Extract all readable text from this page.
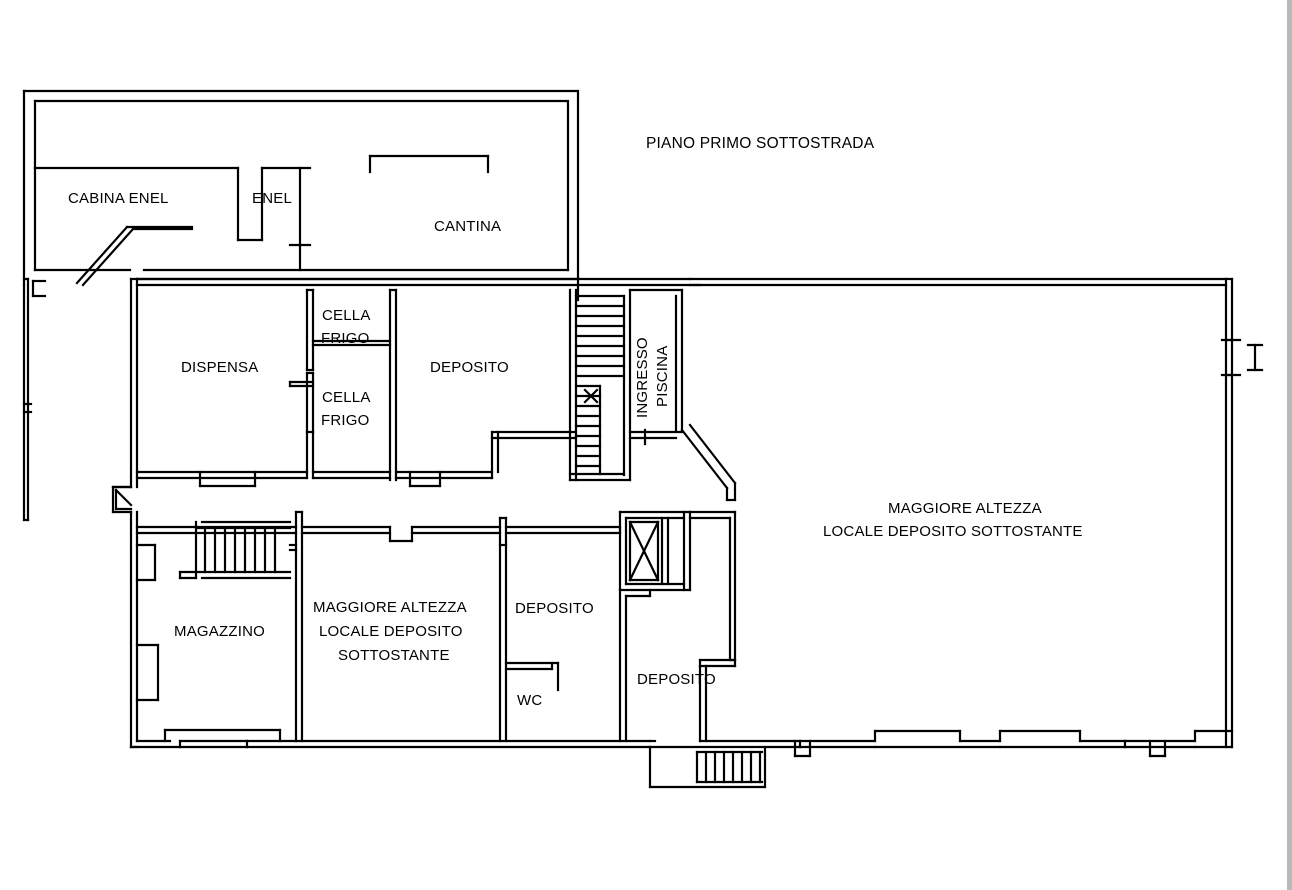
PIANO PRIMO SOTTOSTRADA
CABINA ENEL	ENEL
CANTINA
DISPENSA
CELLA
FRIGO
CELLA
FRIGO
DEPOSITO	INGRESSO PISCINA
MAGGIORE ALTEZZA
LOCALE DEPOSITO SOTTOSTANTE
MAGAZZINO
MAGGIORE ALTEZZA
LOCALE DEPOSITO
SOTTOSTANTE
DEPOSITO
DEPOSITO
WC
